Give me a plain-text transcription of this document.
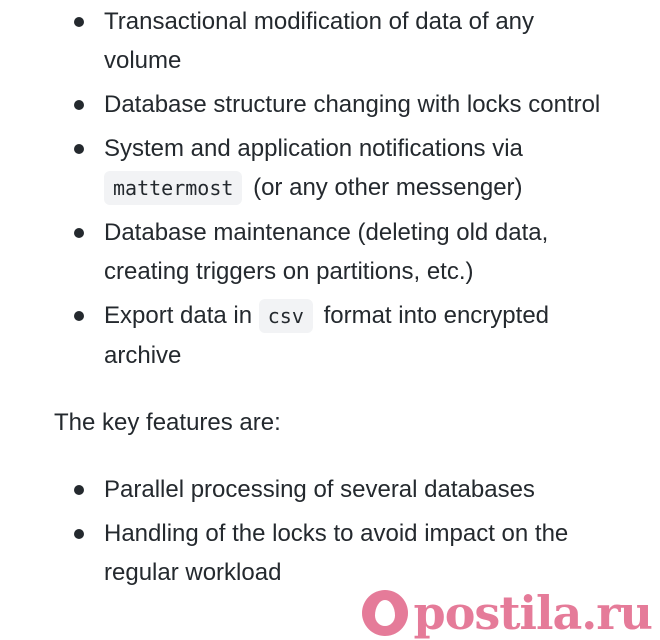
Transactional modification of data of any volume
Database structure changing with locks control
System and application notifications via mattermost (or any other messenger)
Database maintenance (deleting old data, creating triggers on partitions, etc.)
Export data in csv format into encrypted archive

The key features are:

Parallel processing of several databases
Handling of the locks to avoid impact on the regular workload
postila.ru
